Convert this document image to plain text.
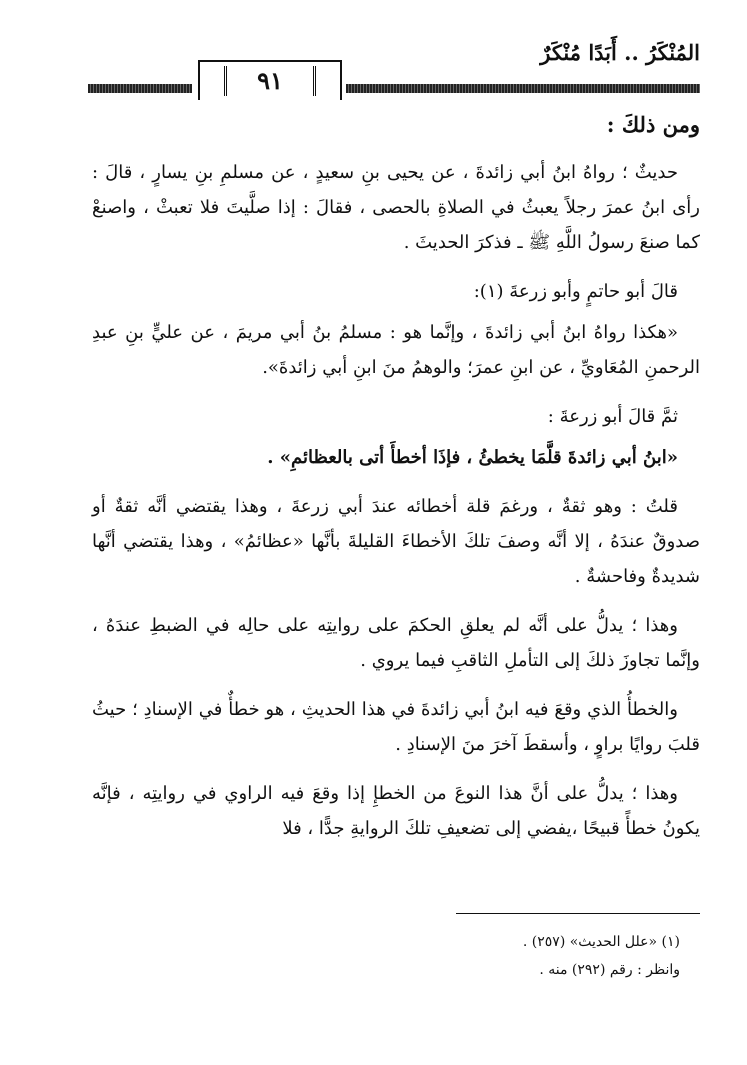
٩١
المُنْكَرُ .. أَبَدًا مُنْكَرٌ
ومن ذلكَ :

حديثٌ ؛ رواهُ ابنُ أبي زائدةَ ، عن يحيى بنِ سعيدٍ ، عن مسلمِ بنِ يسارٍ ، قالَ : رأى ابنُ عمرَ رجلاً يعبثُ في الصلاةِ بالحصى ، فقالَ : إذا صلَّيتَ فلا تعبثْ ، واصنعْ كما صنعَ رسولُ اللَّهِ ﷺ ـ فذكرَ الحديثَ .

قالَ أبو حاتمٍ وأبو زرعةَ (١):

«هكذا رواهُ ابنُ أبي زائدةَ ، وإنَّما هو : مسلمُ بنُ أبي مريمَ ، عن عليٍّ بنِ عبدِ الرحمنِ المُعَاويِّ ، عن ابنِ عمرَ؛ والوهمُ منَ ابنِ أبي زائدةَ».

ثمَّ قالَ أبو زرعةَ :

«ابنُ أبي زائدةَ قلَّمَا يخطئُ ، فإذَا أخطأَ أتى بالعظائمِ» .

قلتُ : وهو ثقةٌ ، ورغمَ قلة أخطائه عندَ أبي زرعةَ ، وهذا يقتضي أنَّه ثقةٌ أو صدوقٌ عندَهُ ، إلا أنَّه وصفَ تلكَ الأخطاءَ القليلةَ بأنَّها «عظائمُ» ، وهذا يقتضي أنَّها شديدةٌ وفاحشةٌ .

وهذا ؛ يدلُّ على أنَّه لم يعلقِ الحكمَ على روايتِه على حالِه في الضبطِ عندَهُ ، وإنَّما تجاوزَ ذلكَ إلى التأملِ الثاقبِ فيما يروي .

والخطأُ الذي وقعَ فيه ابنُ أبي زائدةَ في هذا الحديثِ ، هو خطأٌ في الإسنادِ ؛ حيثُ قلبَ روايًا براوٍ ، وأسقطَ آخرَ منَ الإسنادِ .

وهذا ؛ يدلُّ على أنَّ هذا النوعَ من الخطإِ إذا وقعَ فيه الراوي في روايتِه ، فإنَّه يكونُ خطأً قبيحًا ،يفضي إلى تضعيفِ تلكَ الروايةِ جدًّا ، فلا

(١) «علل الحديث» (٢٥٧) .
وانظر : رقم (٢٩٢) منه .
